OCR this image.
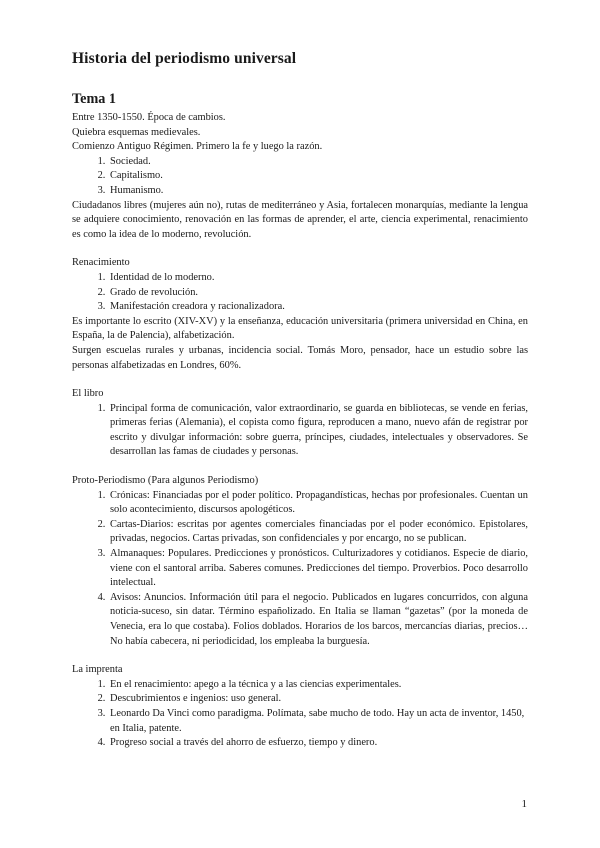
Historia del periodismo universal
Tema 1

Entre 1350-1550. Época de cambios.

Quiebra esquemas medievales.

Comienzo Antiguo Régimen. Primero la fe y luego la razón.

1. Sociedad.
2. Capitalismo.
3. Humanismo.

Ciudadanos libres (mujeres aún no), rutas de mediterráneo y Asia, fortalecen monarquías, mediante la lengua se adquiere conocimiento, renovación en las formas de aprender, el arte, ciencia experimental, renacimiento es como la idea de lo moderno, revolución.

Renacimiento

1. Identidad de lo moderno.
2. Grado de revolución.
3. Manifestación creadora y racionalizadora.

Es importante lo escrito (XIV-XV) y la enseñanza, educación universitaria (primera universidad en China, en España, la de Palencia), alfabetización.

Surgen escuelas rurales y urbanas, incidencia social. Tomás Moro, pensador, hace un estudio sobre las personas alfabetizadas en Londres, 60%.

El libro

1. Principal forma de comunicación, valor extraordinario, se guarda en bibliotecas, se vende en ferias, primeras ferias (Alemania), el copista como figura, reproducen a mano, nuevo afán de registrar por escrito y divulgar información: sobre guerra, príncipes, ciudades, intelectuales y observadores. Se desarrollan las famas de ciudades y personas.

Proto-Periodismo (Para algunos Periodismo)

1. Crónicas: Financiadas por el poder político. Propagandísticas, hechas por profesionales. Cuentan un solo acontecimiento, discursos apologéticos.
2. Cartas-Diarios: escritas por agentes comerciales financiadas por el poder económico. Epistolares, privadas, negocios. Cartas privadas, son confidenciales y por encargo, no se publican.
3. Almanaques: Populares. Predicciones y pronósticos. Culturizadores y cotidianos. Especie de diario, viene con el santoral arriba. Saberes comunes. Predicciones del tiempo. Proverbios. Poco desarrollo intelectual.
4. Avisos: Anuncios. Información útil para el negocio. Publicados en lugares concurridos, con alguna noticia-suceso, sin datar. Término españolizado. En Italia se llaman “gazetas” (por la moneda de Venecia, era lo que costaba). Folios doblados. Horarios de los barcos, mercancías diarias, precios… No había cabecera, ni periodicidad, los empleaba la burguesía.

La imprenta

1. En el renacimiento: apego a la técnica y a las ciencias experimentales.
2. Descubrimientos e ingenios: uso general.
3. Leonardo Da Vinci como paradigma. Polímata, sabe mucho de todo. Hay un acta de inventor, 1450, en Italia, patente.
4. Progreso social a través del ahorro de esfuerzo, tiempo y dinero.
1
